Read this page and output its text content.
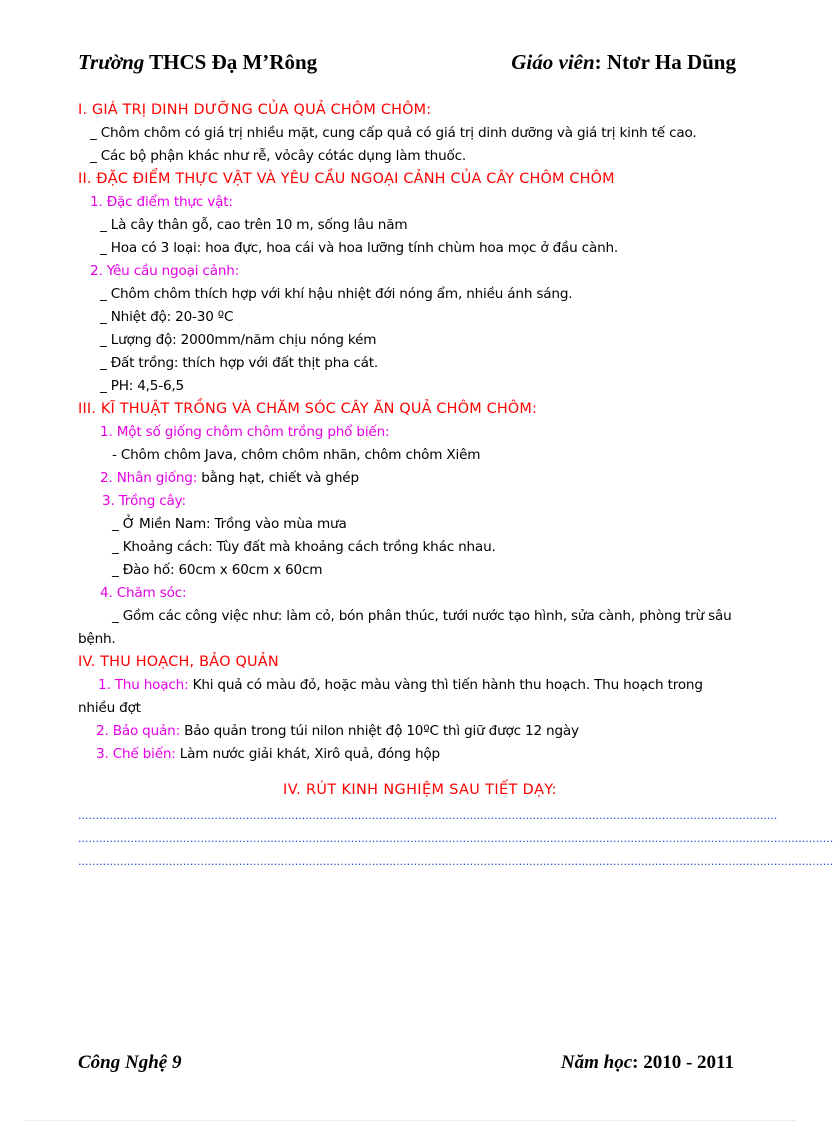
Trường THCS Đạ M’Rông	Giáo viên: Ntơr Ha Dũng
I. GIÁ TRỊ DINH DƯỠNG CỦA QUẢ CHÔM CHÔM:
_ Chôm chôm có giá trị nhiều mặt, cung cấp quả có giá trị dinh dưỡng và giá trị kinh tế cao.
_ Các bộ phận khác như rễ, vỏcây cótác dụng làm thuốc.
II. ĐẶC ĐIỂM THỰC VẬT VÀ YÊU CẦU NGOẠI CẢNH CỦA CÂY CHÔM CHÔM
1. Đặc điểm thực vật:
_ Là cây thân gỗ, cao trên 10 m, sống lâu năm
_ Hoa có 3 loại: hoa đực, hoa cái và hoa lưỡng tính chùm hoa mọc ở đầu cành.
2. Yêu cầu ngoại cảnh:
_ Chôm chôm thích hợp với khí hậu nhiệt đới nóng ẩm, nhiều ánh sáng.
_ Nhiệt độ: 20-30 ºC
_ Lượng độ: 2000mm/năm chịu nóng kém
_ Đất trồng: thích hợp với đất thịt pha cát.
_ PH: 4,5-6,5
III. KĨ THUẬT TRỒNG VÀ CHĂM SÓC CÂY ĂN QUẢ CHÔM CHÔM:
1. Một số giống chôm chôm trồng phổ biến:
- Chôm chôm Java, chôm chôm nhãn, chôm chôm Xiêm
2. Nhân giống: bằng hạt, chiết và ghép
3. Trồng cây:
_ Ở Miền Nam: Trồng vào mùa mưa
_ Khoảng cách: Tùy đất mà khoảng cách trồng khác nhau.
_ Đào hố: 60cm x 60cm x 60cm
4. Chăm sóc:
_ Gồm các công việc như: làm cỏ, bón phân thúc, tưới nước tạo hình, sửa cành, phòng trừ sâu bệnh.
IV. THU HOẠCH, BẢO QUẢN
1. Thu hoạch: Khi quả có màu đỏ, hoặc màu vàng thì tiến hành thu hoạch. Thu hoạch trong nhiều đợt
2. Bảo quản: Bảo quản trong túi nilon nhiệt độ 10ºC thì giữ được 12 ngày
3. Chế biến: Làm nước giải khát, Xirô quả, đóng hộp
IV. RÚT KINH NGHIỆM SAU TIẾT DẠY:
........................................................................................................................................................................................................
........................................................................................................................................................................................................................
........................................................................................................................................................................................................................
Công Nghệ 9	Năm học: 2010 - 2011
